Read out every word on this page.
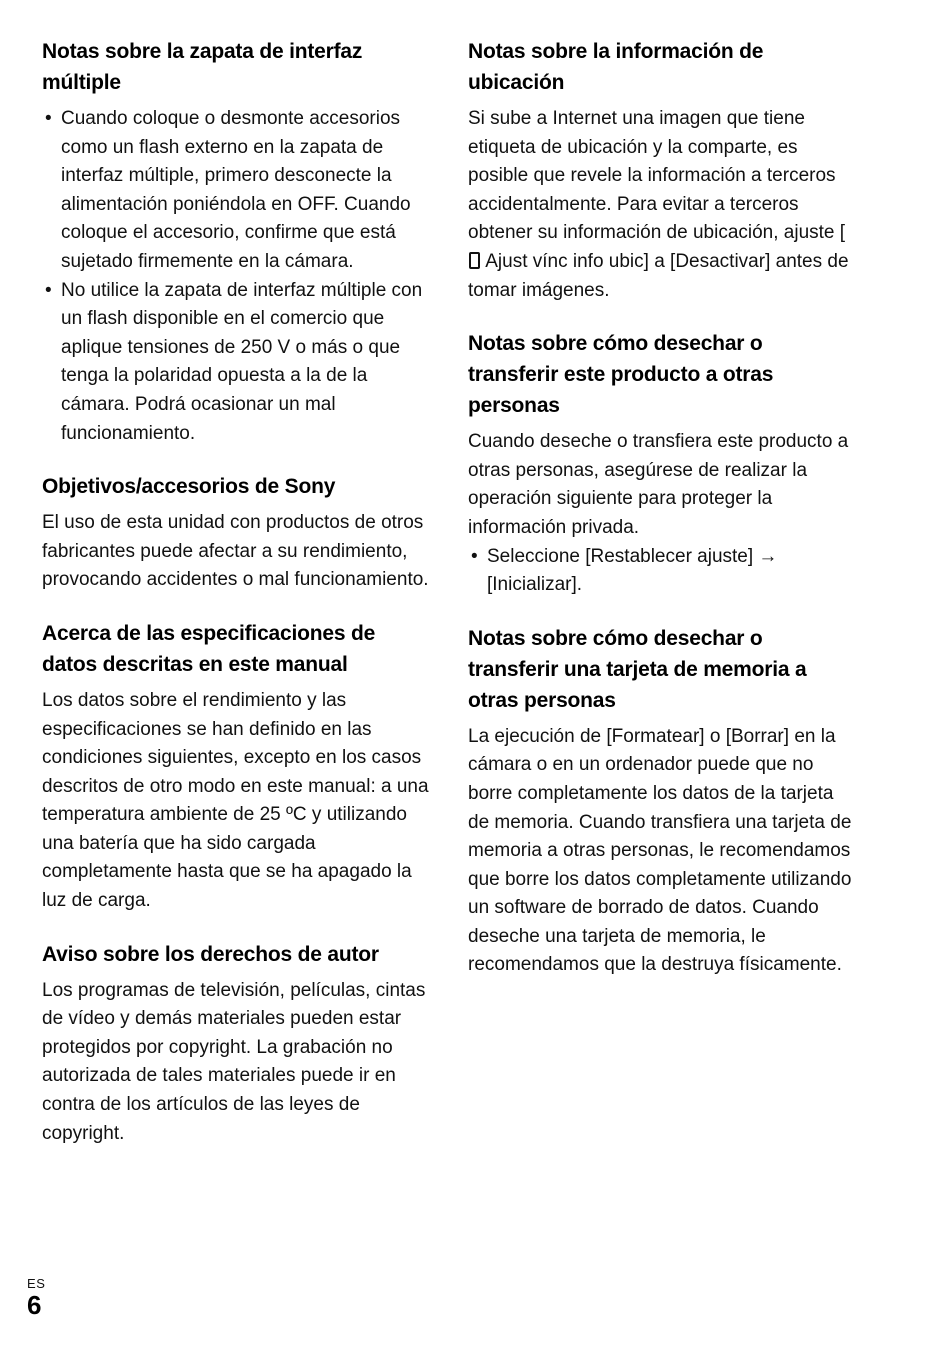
Notas sobre la zapata de interfaz múltiple
• Cuando coloque o desmonte accesorios como un flash externo en la zapata de interfaz múltiple, primero desconecte la alimentación poniéndola en OFF. Cuando coloque el accesorio, confirme que está sujetado firmemente en la cámara.
• No utilice la zapata de interfaz múltiple con un flash disponible en el comercio que aplique tensiones de 250 V o más o que tenga la polaridad opuesta a la de la cámara. Podrá ocasionar un mal funcionamiento.
Objetivos/accesorios de Sony

El uso de esta unidad con productos de otros fabricantes puede afectar a su rendimiento, provocando accidentes o mal funcionamiento.

Acerca de las especificaciones de datos descritas en este manual

Los datos sobre el rendimiento y las especificaciones se han definido en las condiciones siguientes, excepto en los casos descritos de otro modo en este manual: a una temperatura ambiente de 25 ºC y utilizando una batería que ha sido cargada completamente hasta que se ha apagado la luz de carga.

Aviso sobre los derechos de autor

Los programas de televisión, películas, cintas de vídeo y demás materiales pueden estar protegidos por copyright. La grabación no autorizada de tales materiales puede ir en contra de los artículos de las leyes de copyright.

Notas sobre la información de ubicación

Si sube a Internet una imagen que tiene etiqueta de ubicación y la comparte, es posible que revele la información a terceros accidentalmente. Para evitar a terceros obtener su información de ubicación, ajuste [ Ajust vínc info ubic] a [Desactivar] antes de tomar imágenes.

Notas sobre cómo desechar o transferir este producto a otras personas

Cuando deseche o transfiera este producto a otras personas, asegúrese de realizar la operación siguiente para proteger la información privada.

• Seleccione [Restablecer ajuste] → [Inicializar].
Notas sobre cómo desechar o transferir una tarjeta de memoria a otras personas

La ejecución de [Formatear] o [Borrar] en la cámara o en un ordenador puede que no borre completamente los datos de la tarjeta de memoria. Cuando transfiera una tarjeta de memoria a otras personas, le recomendamos que borre los datos completamente utilizando un software de borrado de datos. Cuando deseche una tarjeta de memoria, le recomendamos que la destruya físicamente.

ES
6
